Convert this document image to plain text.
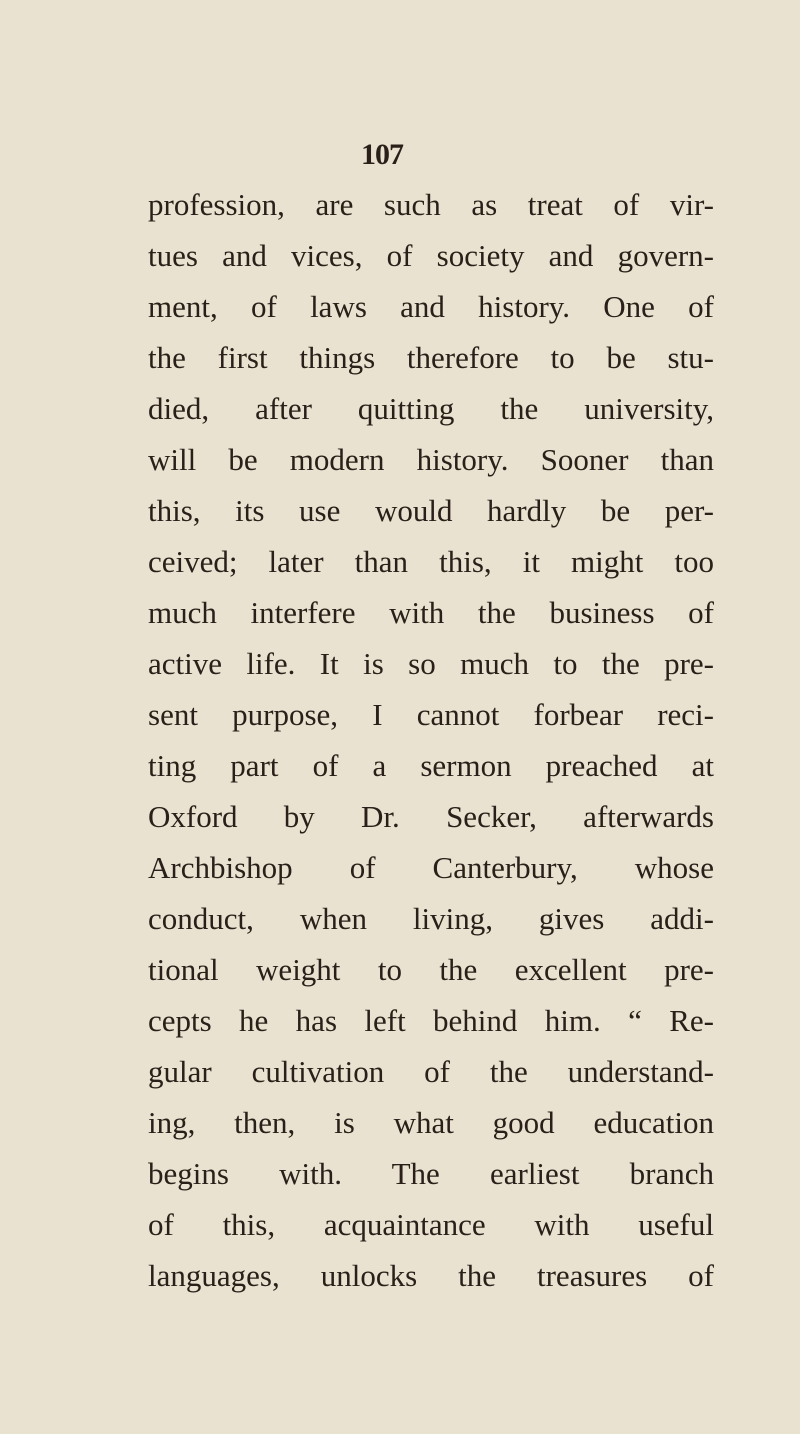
107
profession, are such as treat of vir-
tues and vices, of society and govern-
ment, of laws and history. One of
the first things therefore to be stu-
died, after quitting the university,
will be modern history. Sooner than
this, its use would hardly be per-
ceived; later than this, it might too
much interfere with the business of
active life. It is so much to the pre-
sent purpose, I cannot forbear reci-
ting part of a sermon preached at
Oxford by Dr. Secker, afterwards
Archbishop of Canterbury, whose
conduct, when living, gives addi-
tional weight to the excellent pre-
cepts he has left behind him. “ Re-
gular cultivation of the understand-
ing, then, is what good education
begins with. The earliest branch
of this, acquaintance with useful
languages, unlocks the treasures of
